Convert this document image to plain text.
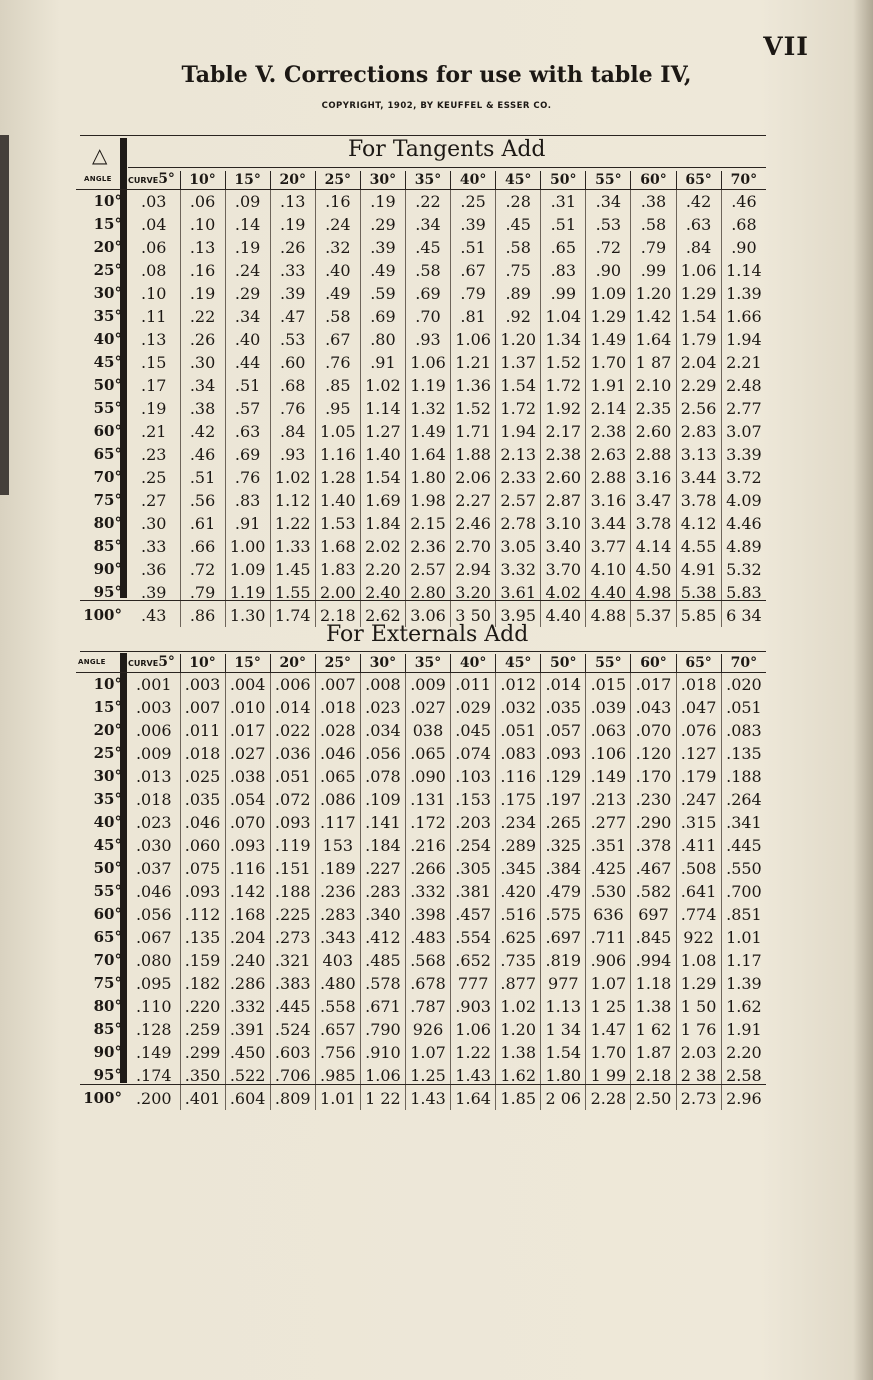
VII
Table V. Corrections for use with table IV,
COPYRIGHT, 1902, BY KEUFFEL & ESSER CO.
△
ANGLE
For Tangents Add
	CURVE5°	10°	15°	20°	25°	30°	35°	40°	45°	50°	55°	60°	65°	70°
10°	.03	.06	.09	.13	.16	.19	.22	.25	.28	.31	.34	.38	.42	.46
15°	.04	.10	.14	.19	.24	.29	.34	.39	.45	.51	.53	.58	.63	.68
20°	.06	.13	.19	.26	.32	.39	.45	.51	.58	.65	.72	.79	.84	.90
25°	.08	.16	.24	.33	.40	.49	.58	.67	.75	.83	.90	.99	1.06	1.14
30°	.10	.19	.29	.39	.49	.59	.69	.79	.89	.99	1.09	1.20	1.29	1.39
35°	.11	.22	.34	.47	.58	.69	.70	.81	.92	1.04	1.29	1.42	1.54	1.66
40°	.13	.26	.40	.53	.67	.80	.93	1.06	1.20	1.34	1.49	1.64	1.79	1.94
45°	.15	.30	.44	.60	.76	.91	1.06	1.21	1.37	1.52	1.70	1 87	2.04	2.21
50°	.17	.34	.51	.68	.85	1.02	1.19	1.36	1.54	1.72	1.91	2.10	2.29	2.48
55°	.19	.38	.57	.76	.95	1.14	1.32	1.52	1.72	1.92	2.14	2.35	2.56	2.77
60°	.21	.42	.63	.84	1.05	1.27	1.49	1.71	1.94	2.17	2.38	2.60	2.83	3.07
65°	.23	.46	.69	.93	1.16	1.40	1.64	1.88	2.13	2.38	2.63	2.88	3.13	3.39
70°	.25	.51	.76	1.02	1.28	1.54	1.80	2.06	2.33	2.60	2.88	3.16	3.44	3.72
75°	.27	.56	.83	1.12	1.40	1.69	1.98	2.27	2.57	2.87	3.16	3.47	3.78	4.09
80°	.30	.61	.91	1.22	1.53	1.84	2.15	2.46	2.78	3.10	3.44	3.78	4.12	4.46
85°	.33	.66	1.00	1.33	1.68	2.02	2.36	2.70	3.05	3.40	3.77	4.14	4.55	4.89
90°	.36	.72	1.09	1.45	1.83	2.20	2.57	2.94	3.32	3.70	4.10	4.50	4.91	5.32
95°	.39	.79	1.19	1.55	2.00	2.40	2.80	3.20	3.61	4.02	4.40	4.98	5.38	5.83
100°	.43	.86	1.30	1.74	2.18	2.62	3.06	3 50	3.95	4.40	4.88	5.37	5.85	6 34
For Externals Add
ANGLE
		CURVE5°	10°	15°	20°	25°	30°	35°	40°	45°	50°	55°	60°	65°	70°
10°	.001	.003	.004	.006	.007	.008	.009	.011	.012	.014	.015	.017	.018	.020
15°	.003	.007	.010	.014	.018	.023	.027	.029	.032	.035	.039	.043	.047	.051
20°	.006	.011	.017	.022	.028	.034	038	.045	.051	.057	.063	.070	.076	.083
25°	.009	.018	.027	.036	.046	.056	.065	.074	.083	.093	.106	.120	.127	.135
30°	.013	.025	.038	.051	.065	.078	.090	.103	.116	.129	.149	.170	.179	.188
35°	.018	.035	.054	.072	.086	.109	.131	.153	.175	.197	.213	.230	.247	.264
40°	.023	.046	.070	.093	.117	.141	.172	.203	.234	.265	.277	.290	.315	.341
45°	.030	.060	.093	.119	153	.184	.216	.254	.289	.325	.351	.378	.411	.445
50°	.037	.075	.116	.151	.189	.227	.266	.305	.345	.384	.425	.467	.508	.550
55°	.046	.093	.142	.188	.236	.283	.332	.381	.420	.479	.530	.582	.641	.700
60°	.056	.112	.168	.225	.283	.340	.398	.457	.516	.575	636	697	.774	.851
65°	.067	.135	.204	.273	.343	.412	.483	.554	.625	.697	.711	.845	922	1.01
70°	.080	.159	.240	.321	403	.485	.568	.652	.735	.819	.906	.994	1.08	1.17
75°	.095	.182	.286	.383	.480	.578	.678	777	.877	977	1.07	1.18	1.29	1.39
80°	.110	.220	.332	.445	.558	.671	.787	.903	1.02	1.13	1 25	1.38	1 50	1.62
85°	.128	.259	.391	.524	.657	.790	926	1.06	1.20	1 34	1.47	1 62	1 76	1.91
90°	.149	.299	.450	.603	.756	.910	1.07	1.22	1.38	1.54	1.70	1.87	2.03	2.20
95°	.174	.350	.522	.706	.985	1.06	1.25	1.43	1.62	1.80	1 99	2.18	2 38	2.58
100°	.200	.401	.604	.809	1.01	1 22	1.43	1.64	1.85	2 06	2.28	2.50	2.73	2.96
